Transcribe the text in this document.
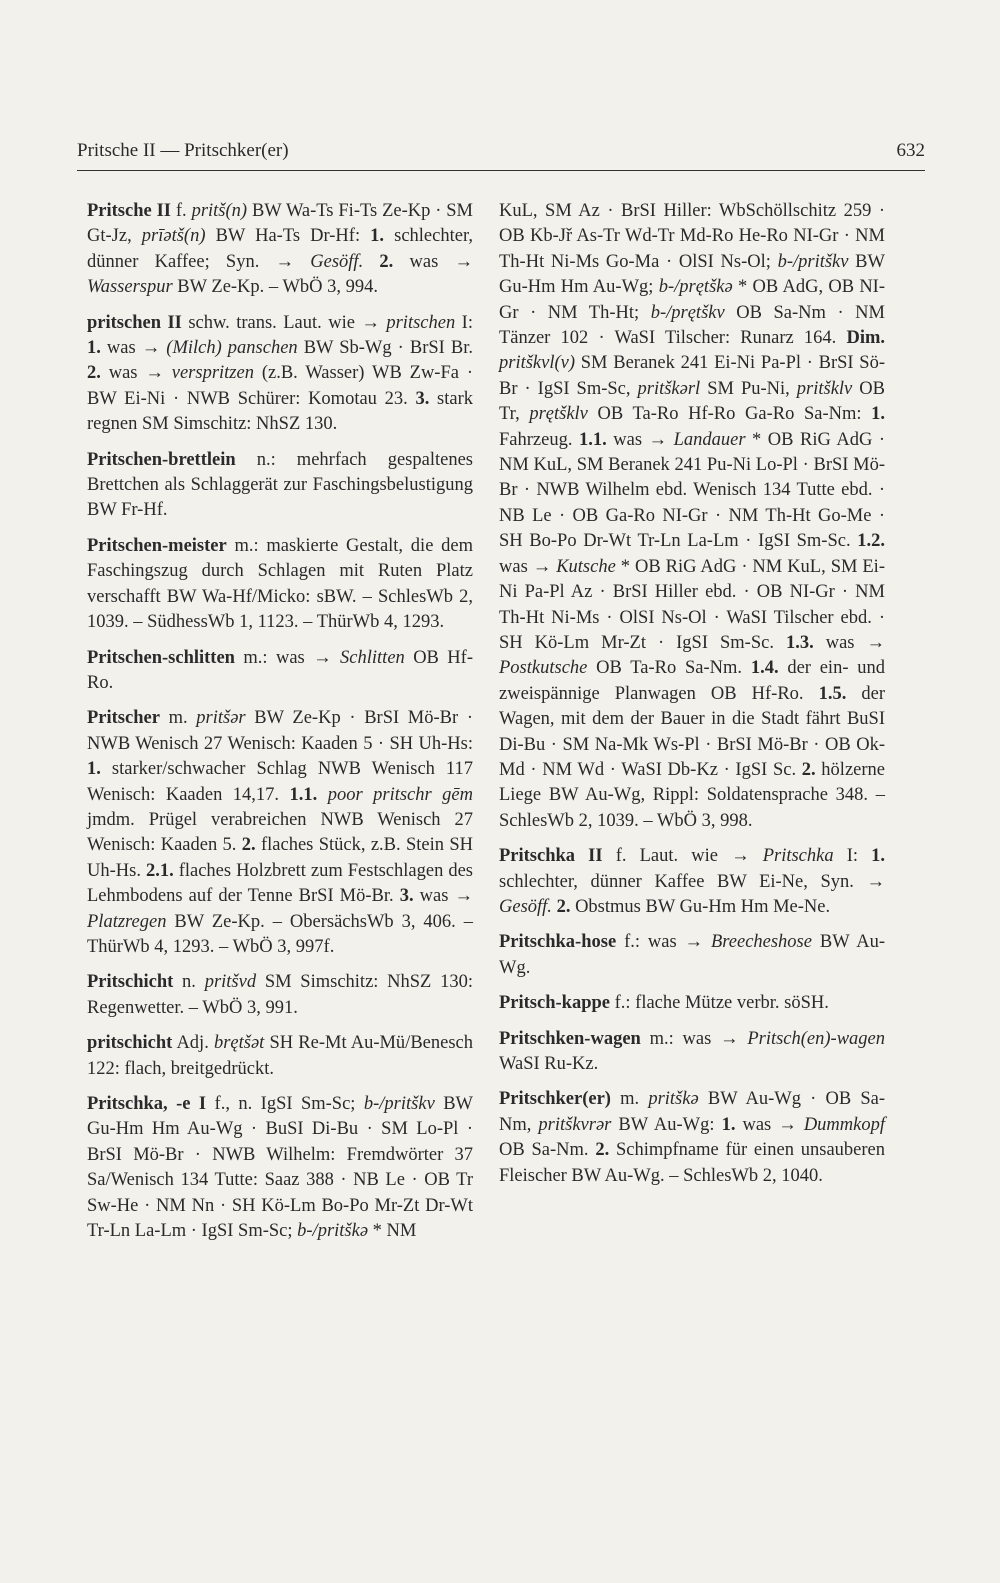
Pritsche II — Pritschker(er)	632

Pritsche II f. pritš(n) BW Wa-Ts Fi-Ts Ze-Kp · SM Gt-Jz, prīətš(n) BW Ha-Ts Dr-Hf: 1. schlechter, dünner Kaffee; Syn. → Gesöff. 2. was → Wasserspur BW Ze-Kp. – WbÖ 3, 994.

pritschen II schw. trans. Laut. wie → pritschen I: 1. was → (Milch) panschen BW Sb-Wg · BrSI Br. 2. was → verspritzen (z.B. Wasser) WB Zw-Fa · BW Ei-Ni · NWB Schürer: Komotau 23. 3. stark regnen SM Simschitz: NhSZ 130.

Pritschen-brettlein n.: mehrfach gespaltenes Brettchen als Schlaggerät zur Faschingsbelustigung BW Fr-Hf.

Pritschen-meister m.: maskierte Gestalt, die dem Faschingszug durch Schlagen mit Ruten Platz verschafft BW Wa-Hf/Micko: sBW. – SchlesWb 2, 1039. – SüdhessWb 1, 1123. – ThürWb 4, 1293.

Pritschen-schlitten m.: was → Schlitten OB Hf-Ro.

Pritscher m. pritšər BW Ze-Kp · BrSI Mö-Br · NWB Wenisch 27 Wenisch: Kaaden 5 · SH Uh-Hs: 1. starker/schwacher Schlag NWB Wenisch 117 Wenisch: Kaaden 14,17. 1.1. poor pritschr gēm jmdm. Prügel verabreichen NWB Wenisch 27 Wenisch: Kaaden 5. 2. flaches Stück, z.B. Stein SH Uh-Hs. 2.1. flaches Holzbrett zum Festschlagen des Lehmbodens auf der Tenne BrSI Mö-Br. 3. was → Platzregen BW Ze-Kp. – ObersächsWb 3, 406. – ThürWb 4, 1293. – WbÖ 3, 997f.

Pritschicht n. pritšvd SM Simschitz: NhSZ 130: Regenwetter. – WbÖ 3, 991.

pritschicht Adj. brętšət SH Re-Mt Au-Mü/Benesch 122: flach, breitgedrückt.

Pritschka, -e I f., n. IgSI Sm-Sc; b-/pritškv BW Gu-Hm Hm Au-Wg · BuSI Di-Bu · SM Lo-Pl · BrSI Mö-Br · NWB Wilhelm: Fremdwörter 37 Sa/Wenisch 134 Tutte: Saaz 388 · NB Le · OB Tr Sw-He · NM Nn · SH Kö-Lm Bo-Po Mr-Zt Dr-Wt Tr-Ln La-Lm · IgSI Sm-Sc; b-/pritškə * NM

KuL, SM Az · BrSI Hiller: WbSchöllschitz 259 · OB Kb-Jř As-Tr Wd-Tr Md-Ro He-Ro NI-Gr · NM Th-Ht Ni-Ms Go-Ma · OlSI Ns-Ol; b-/pritškv BW Gu-Hm Hm Au-Wg; b-/prętškə * OB AdG, OB NI-Gr · NM Th-Ht; b-/prętškv OB Sa-Nm · NM Tänzer 102 · WaSI Tilscher: Runarz 164. Dim. pritškvl(v) SM Beranek 241 Ei-Ni Pa-Pl · BrSI Sö-Br · IgSI Sm-Sc, pritškərl SM Pu-Ni, pritšklv OB Tr, prętšklv OB Ta-Ro Hf-Ro Ga-Ro Sa-Nm: 1. Fahrzeug. 1.1. was → Landauer * OB RiG AdG · NM KuL, SM Beranek 241 Pu-Ni Lo-Pl · BrSI Mö-Br · NWB Wilhelm ebd. Wenisch 134 Tutte ebd. · NB Le · OB Ga-Ro NI-Gr · NM Th-Ht Go-Me · SH Bo-Po Dr-Wt Tr-Ln La-Lm · IgSI Sm-Sc. 1.2. was → Kutsche * OB RiG AdG · NM KuL, SM Ei-Ni Pa-Pl Az · BrSI Hiller ebd. · OB NI-Gr · NM Th-Ht Ni-Ms · OlSI Ns-Ol · WaSI Tilscher ebd. · SH Kö-Lm Mr-Zt · IgSI Sm-Sc. 1.3. was → Postkutsche OB Ta-Ro Sa-Nm. 1.4. der ein- und zweispännige Planwagen OB Hf-Ro. 1.5. der Wagen, mit dem der Bauer in die Stadt fährt BuSI Di-Bu · SM Na-Mk Ws-Pl · BrSI Mö-Br · OB Ok-Md · NM Wd · WaSI Db-Kz · IgSI Sc. 2. hölzerne Liege BW Au-Wg, Rippl: Soldatensprache 348. – SchlesWb 2, 1039. – WbÖ 3, 998.

Pritschka II f. Laut. wie → Pritschka I: 1. schlechter, dünner Kaffee BW Ei-Ne, Syn. → Gesöff. 2. Obstmus BW Gu-Hm Hm Me-Ne.

Pritschka-hose f.: was → Breecheshose BW Au-Wg.

Pritsch-kappe f.: flache Mütze verbr. söSH.

Pritschken-wagen m.: was → Pritsch(en)-wagen WaSI Ru-Kz.

Pritschker(er) m. pritškə BW Au-Wg · OB Sa-Nm, pritškvrər BW Au-Wg: 1. was → Dummkopf OB Sa-Nm. 2. Schimpfname für einen unsauberen Fleischer BW Au-Wg. – SchlesWb 2, 1040.
